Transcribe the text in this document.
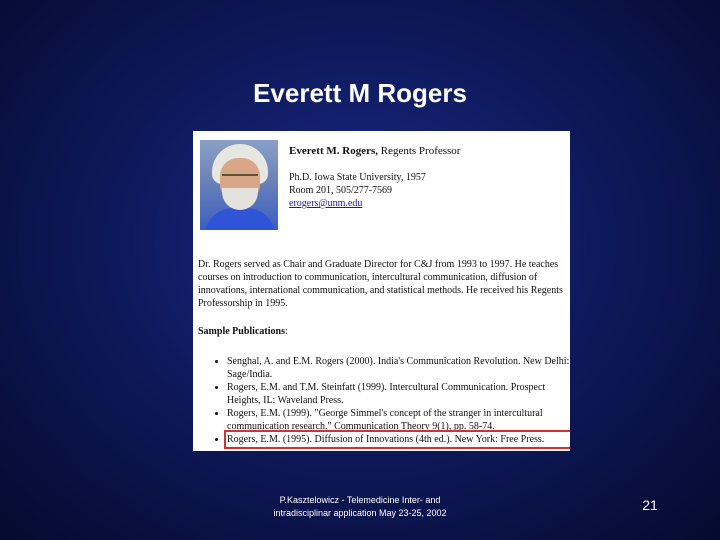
Everett M Rogers
Everett M. Rogers, Regents Professor
Ph.D. Iowa State University, 1957
Room 201, 505/277-7569
erogers@unm.edu
Dr. Rogers served as Chair and Graduate Director for C&J from 1993 to 1997. He teaches courses on introduction to communication, intercultural communication, diffusion of innovations, international communication, and statistical methods. He received his Regents Professorship in 1995.
Sample Publications:
• Senghal, A. and E.M. Rogers (2000). India's Communication Revolution. New Delhi: Sage/India.
• Rogers, E.M. and T.M. Steinfatt (1999). Intercultural Communication. Prospect Heights, IL: Waveland Press.
• Rogers, E.M. (1999). "George Simmel's concept of the stranger in intercultural communication research." Communication Theory 9(1), pp. 58-74.
• Rogers, E.M. (1995). Diffusion of Innovations (4th ed.). New York: Free Press.
P.Kasztelowicz - Telemedicine Inter- and
intradisciplinar application May 23-25, 2002	21
